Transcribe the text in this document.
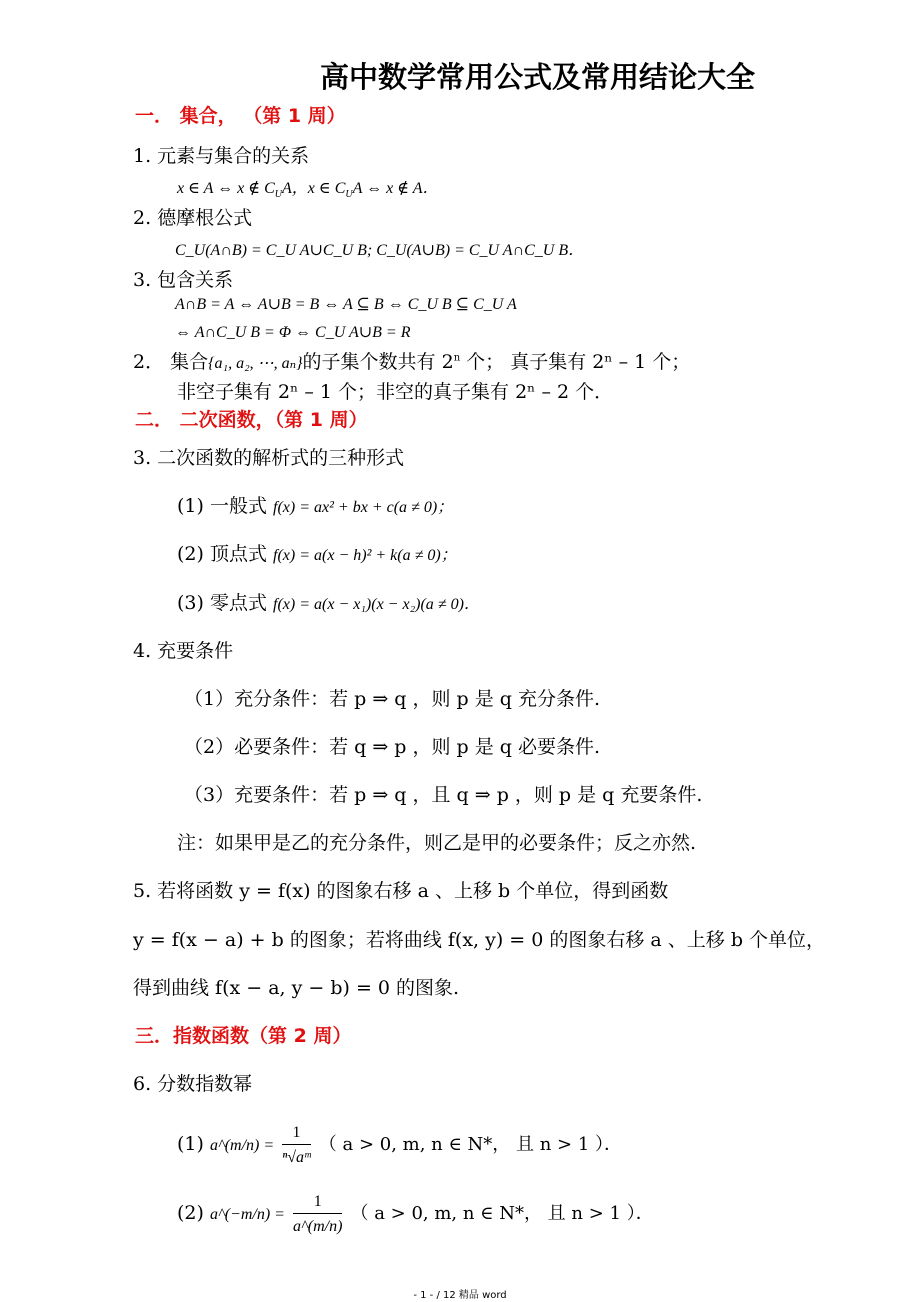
高中数学常用公式及常用结论大全
一． 集合， （第 1 周）
1. 元素与集合的关系
x ∈ A ⇔ x ∉ $C_UA$，x ∈ $C_UA$ ⇔ x ∉ A．
2. 德摩根公式
C_U(A∩B) = C_U A∪C_U B; C_U(A∪B) = C_U A∩C_U B．
3. 包含关系
A∩B = A ⇔ A∪B = B ⇔ A ⊆ B ⇔ C_U B ⊆ C_U A
⇔ A∩C_U B = Φ ⇔ C_U A∪B = R
2． 集合{a₁, a₂, ⋯, aₙ}的子集个数共有 2$^n$ 个； 真子集有 2ⁿ – 1 个；
非空子集有 2ⁿ – 1 个；非空的真子集有 2ⁿ – 2 个．
二． 二次函数，（第 1 周）
3. 二次函数的解析式的三种形式
(1) 一般式 f(x) = ax² + bx + c(a ≠ 0)；
(2) 顶点式 f(x) = a(x − h)² + k(a ≠ 0)；
(3) 零点式 f(x) = a(x − x₁)(x − x₂)(a ≠ 0)．
4. 充要条件
（1）充分条件：若 p ⇒ q ，则 p 是 q 充分条件.
（2）必要条件：若 q ⇒ p ，则 p 是 q 必要条件.
（3）充要条件：若 p ⇒ q ，且 q ⇒ p ，则 p 是 q 充要条件.
注：如果甲是乙的充分条件，则乙是甲的必要条件；反之亦然.
5. 若将函数 y = f(x) 的图象右移 a 、上移 b 个单位，得到函数
y = f(x − a) + b 的图象；若将曲线 f(x, y) = 0 的图象右移 a 、上移 b 个单位，
得到曲线 f(x − a, y − b) = 0 的图象.
三．指数函数（第 2 周）
6. 分数指数幂
(1) a^(m/n) = $\frac{1}{\text{ⁿ√aᵐ}}$ （ a > 0, m, n ∈ N*， 且 n > 1 ）．
(2) a^(−m/n) = $\frac{1}{a\^{}(m/n)}$ （ a > 0, m, n ∈ N*， 且 n > 1 ）．
- 1 - / 12 精品 word
